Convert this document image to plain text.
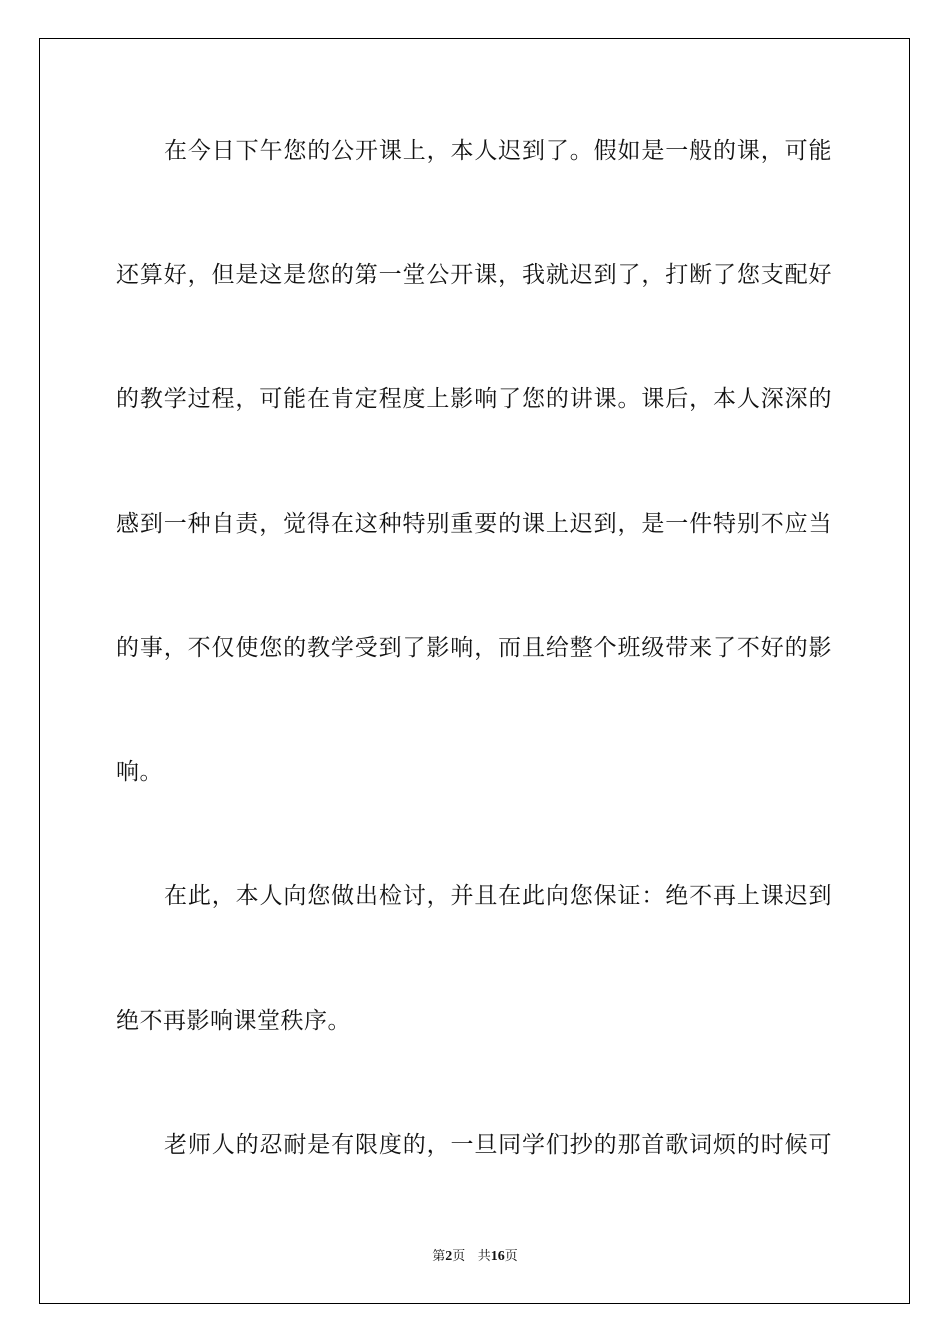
在今日下午您的公开课上，本人迟到了。假如是一般的课，可能
还算好，但是这是您的第一堂公开课，我就迟到了，打断了您支配好
的教学过程，可能在肯定程度上影响了您的讲课。课后，本人深深的
感到一种自责，觉得在这种特别重要的课上迟到，是一件特别不应当
的事，不仅使您的教学受到了影响，而且给整个班级带来了不好的影
响。
在此，本人向您做出检讨，并且在此向您保证：绝不再上课迟到
绝不再影响课堂秩序。
老师人的忍耐是有限度的，一旦同学们抄的那首歌词烦的时候可
第2页 共16页
